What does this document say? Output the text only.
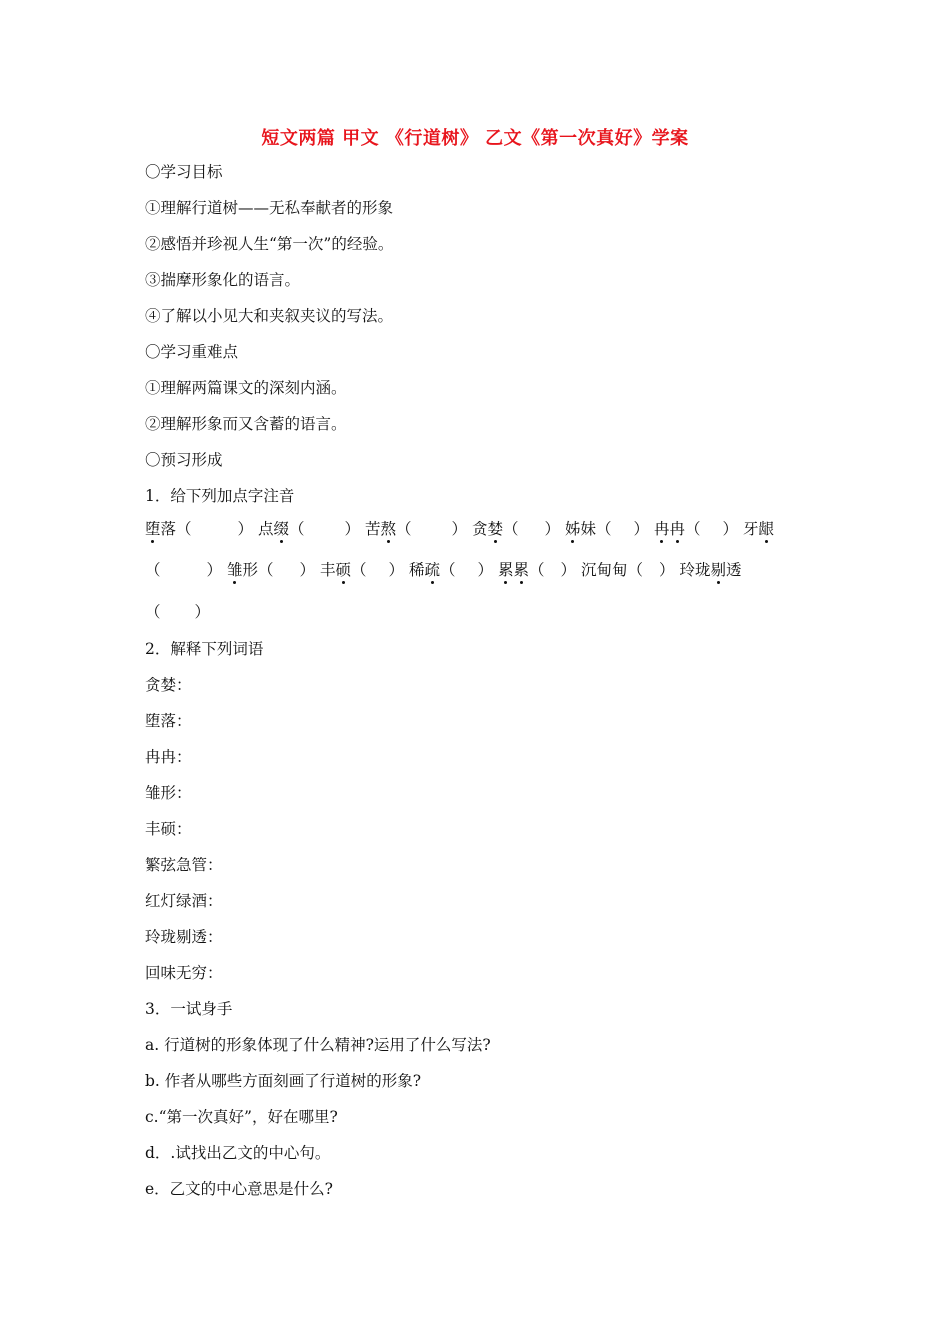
短文两篇 甲文 《行道树》 乙文《第一次真好》学案
〇学习目标
①理解行道树——无私奉献者的形象
②感悟并珍视人生“第一次”的经验。
③揣摩形象化的语言。
④了解以小见大和夹叙夹议的写法。
〇学习重难点
①理解两篇课文的深刻内涵。
②理解形象而又含蓄的语言。
〇预习形成
1．给下列加点字注音
堕落（	） 点缀（	） 苦熬（	） 贪婪（ ） 姊妹（ ） 冉冉（ ） 牙龈
（	） 雏形（ ） 丰硕（ ） 稀疏（ ） 累累（ ） 沉甸甸（ ） 玲珑剔透
（ ）
2．解释下列词语
贪婪：
堕落：
冉冉：
雏形：
丰硕：
繁弦急管：
红灯绿酒：
玲珑剔透：
回味无穷：
3．一试身手
a. 行道树的形象体现了什么精神?运用了什么写法?
b. 作者从哪些方面刻画了行道树的形象?
c.“第一次真好”，好在哪里?
d．.试找出乙文的中心句。
e．乙文的中心意思是什么?
